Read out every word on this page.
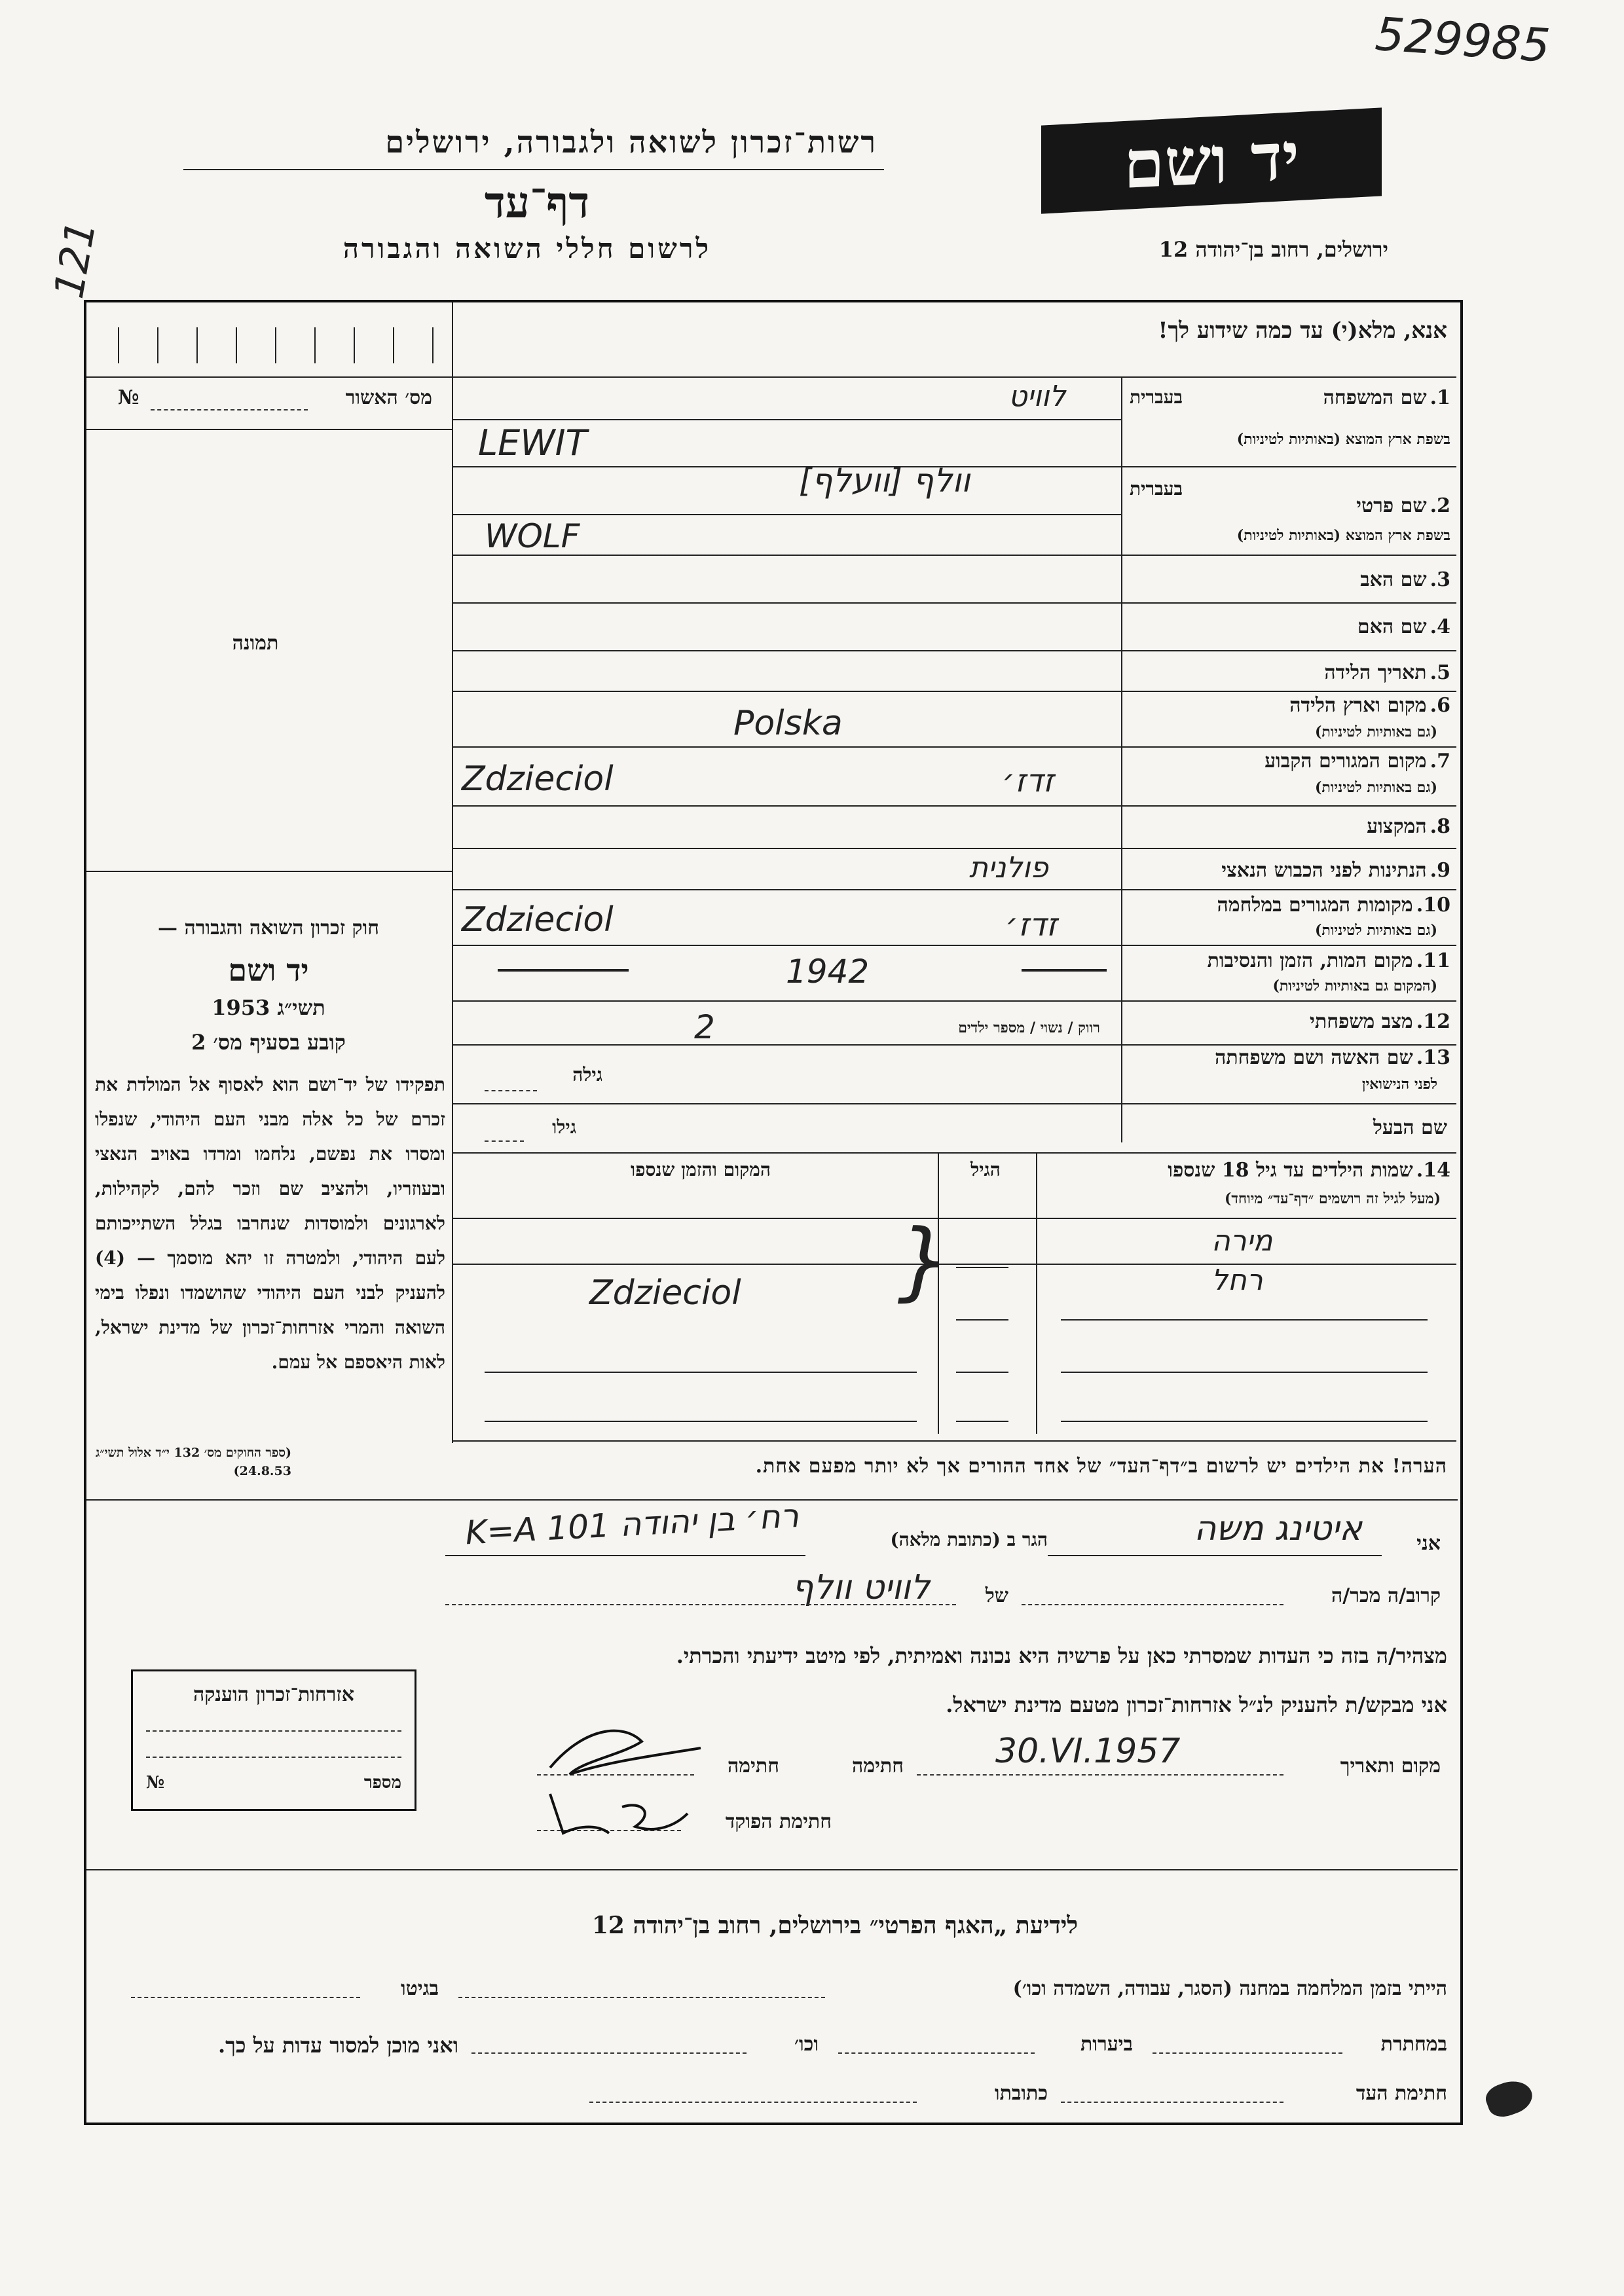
529985
121
רשות־זכרון לשואה ולגבורה, ירושלים
דף־עד
לרשום חללי השואה והגבורה
יד ושם
ירושלים, רחוב בן־יהודה 12
אנא, מלא(י) עד כמה שידוע לך!
מס׳ האשור
№
תמונה
חוק זכרון השואה והגבורה —
יד ושם
תשי״ג 1953
קובע בסעיף מס׳ 2
תפקידו של יד־ושם הוא לאסוף אל המולדת את זכרם של כל אלה מבני העם היהודי, שנפלו ומסרו את נפשם, נלחמו ומרדו באויב הנאצי ובעוזריו, ולהציב שם וזכר להם, לקהילות, לארגונים ולמוסדות שנחרבו בגלל השתייכותם לעם היהודי, ולמטרה זו יהא מוסמך — (4) להעניק לבני העם היהודי שהושמדו ונפלו בימי השואה והמרי אזרחות־זכרון של מדינת ישראל, לאות היאספם אל עמם.
(ספר החוקים מס׳ 132 י״ד אלול תשי״ג 24.8.53)
1. שם המשפחה
בעברית
בשפת ארץ המוצא (באותיות לטיניות)
לוויט
LEWIT
2. שם פרטי
בעברית
בשפת ארץ המוצא (באותיות לטיניות)
וולף [וועלף]
WOLF
3. שם האב
4. שם האם
5. תאריך הלידה
6. מקום וארץ הלידה
(גם באותיות לטיניות)
Polska
7. מקום המגורים הקבוע
(גם באותיות לטיניות)
Zdzieciol	זדז׳
8. המקצוע
9. הנתינות לפני הכבוש הנאצי
פולנית
10. מקומות המגורים במלחמה
(גם באותיות לטיניות)
Zdzieciol	זדז׳
11. מקום המות, הזמן והנסיבות
(המקום גם באותיות לטיניות)
1942
12. מצב משפחתי
רווק / נשוי / מספר ילדים
2
13. שם האשה ושם משפחתה
לפני הנישואין
גילה
שם הבעל
גילו
14. שמות הילדים עד גיל 18 שנספו
(מעל לגיל זה רושמים ״דף־עד״ מיוחד)
הגיל
המקום והזמן שנספו
מירה
רחל
Zdzieciol }
הערה! את הילדים יש לרשום ב״דף־העד״ של אחד ההורים אך לא יותר מפעם אחת.
אני
איטינג משה
הגר ב (כתובת מלאה)
רח׳ בן יהודה 101 K=A
קרוב/ה מכר/ה
של
לוויט וולף
מצהיר/ה בזה כי העדות שמסרתי כאן על פרשיה היא נכונה ואמיתית, לפי מיטב ידיעתי והכרתי.
אני מבקש/ת להעניק לנ״ל אזרחות־זכרון מטעם מדינת ישראל.
מקום ותאריך
30.VI.1957
חתימה
חתימה
חתימת הפוקד
אזרחות־זכרון הוענקה
מספר
№
לידיעת „האגף הפרטי״ בירושלים, רחוב בן־יהודה 12
הייתי בזמן המלחמה במחנה (הסגר, עבודה, השמדה וכו׳)
בגיטו
במחתרת
ביערות
וכו׳
ואני מוכן למסור עדות על כך.
חתימת העד
כתובתו
